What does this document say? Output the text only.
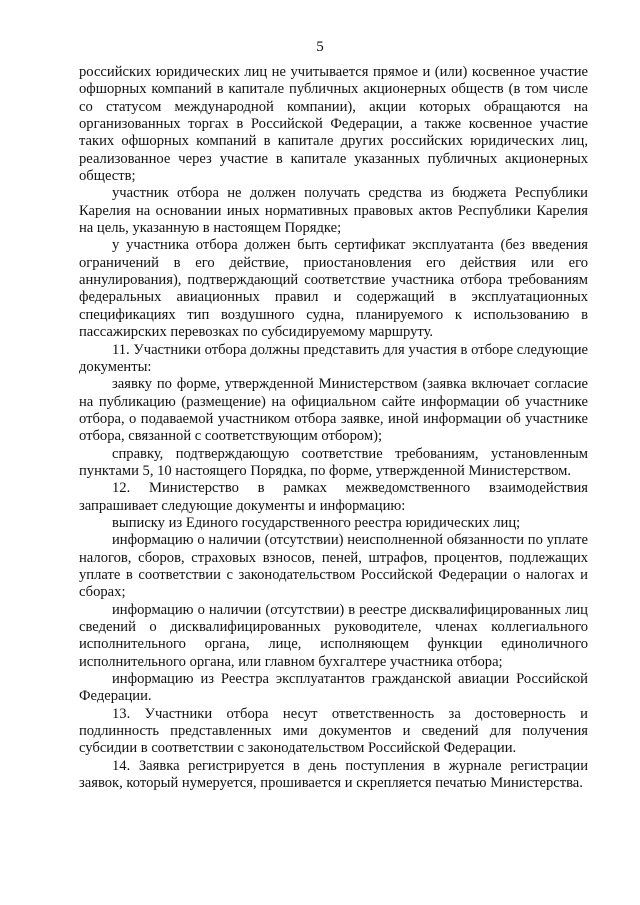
5

российских юридических лиц не учитывается прямое и (или) косвенное участие офшорных компаний в капитале публичных акционерных обществ (в том числе со статусом международной компании), акции которых обращаются на организованных торгах в Российской Федерации, а также косвенное участие таких офшорных компаний в капитале других российских юридических лиц, реализованное через участие в капитале указанных публичных акционерных обществ;

участник отбора не должен получать средства из бюджета Республики Карелия на основании иных нормативных правовых актов Республики Карелия на цель, указанную в настоящем Порядке;

у участника отбора должен быть сертификат эксплуатанта (без введения ограничений в его действие, приостановления его действия или его аннулирования), подтверждающий соответствие участника отбора требованиям федеральных авиационных правил и содержащий в эксплуатационных спецификациях тип воздушного судна, планируемого к использованию в пассажирских перевозках по субсидируемому маршруту.

11. Участники отбора должны представить для участия в отборе следующие документы:

заявку по форме, утвержденной Министерством (заявка включает согласие на публикацию (размещение) на официальном сайте информации об участнике отбора, о подаваемой участником отбора заявке, иной информации об участнике отбора, связанной с соответствующим отбором);

справку, подтверждающую соответствие требованиям, установленным пунктами 5, 10 настоящего Порядка, по форме, утвержденной Министерством.

12. Министерство в рамках межведомственного взаимодействия запрашивает следующие документы и информацию:

выписку из Единого государственного реестра юридических лиц;

информацию о наличии (отсутствии) неисполненной обязанности по уплате налогов, сборов, страховых взносов, пеней, штрафов, процентов, подлежащих уплате в соответствии с законодательством Российской Федерации о налогах и сборах;

информацию о наличии (отсутствии) в реестре дисквалифицированных лиц сведений о дисквалифицированных руководителе, членах коллегиального исполнительного органа, лице, исполняющем функции единоличного исполнительного органа, или главном бухгалтере участника отбора;

информацию из Реестра эксплуатантов гражданской авиации Российской Федерации.

13. Участники отбора несут ответственность за достоверность и подлинность представленных ими документов и сведений для получения субсидии в соответствии с законодательством Российской Федерации.

14. Заявка регистрируется в день поступления в журнале регистрации заявок, который нумеруется, прошивается и скрепляется печатью Министерства.
